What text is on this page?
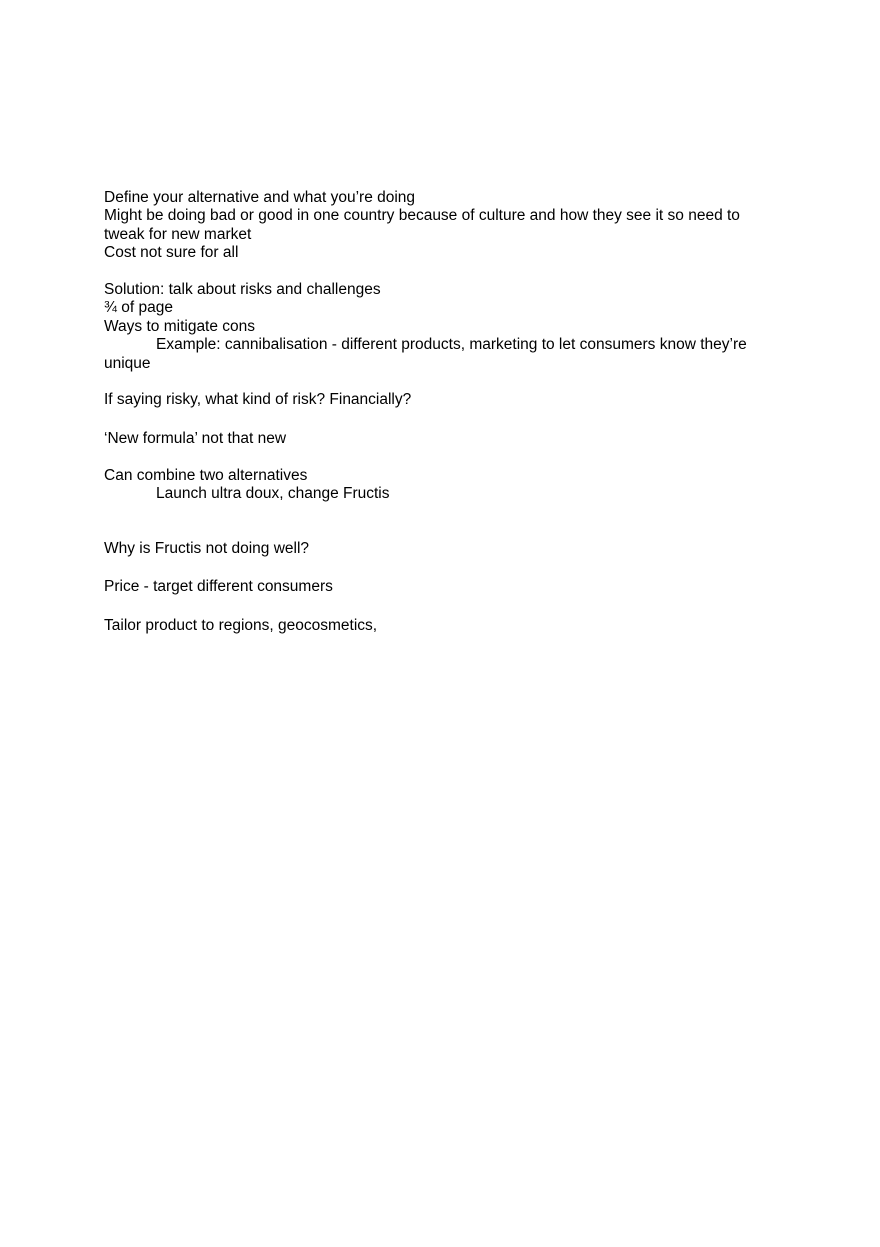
Define your alternative and what you’re doing
Might be doing bad or good in one country because of culture and how they see it so need to tweak for new market
Cost not sure for all
Solution: talk about risks and challenges
¾ of page
Ways to mitigate cons
Example: cannibalisation - different products, marketing to let consumers know they’re unique
If saying risky, what kind of risk? Financially?
‘New formula’ not that new
Can combine two alternatives
Launch ultra doux, change Fructis
Why is Fructis not doing well?
Price - target different consumers
Tailor product to regions, geocosmetics,
